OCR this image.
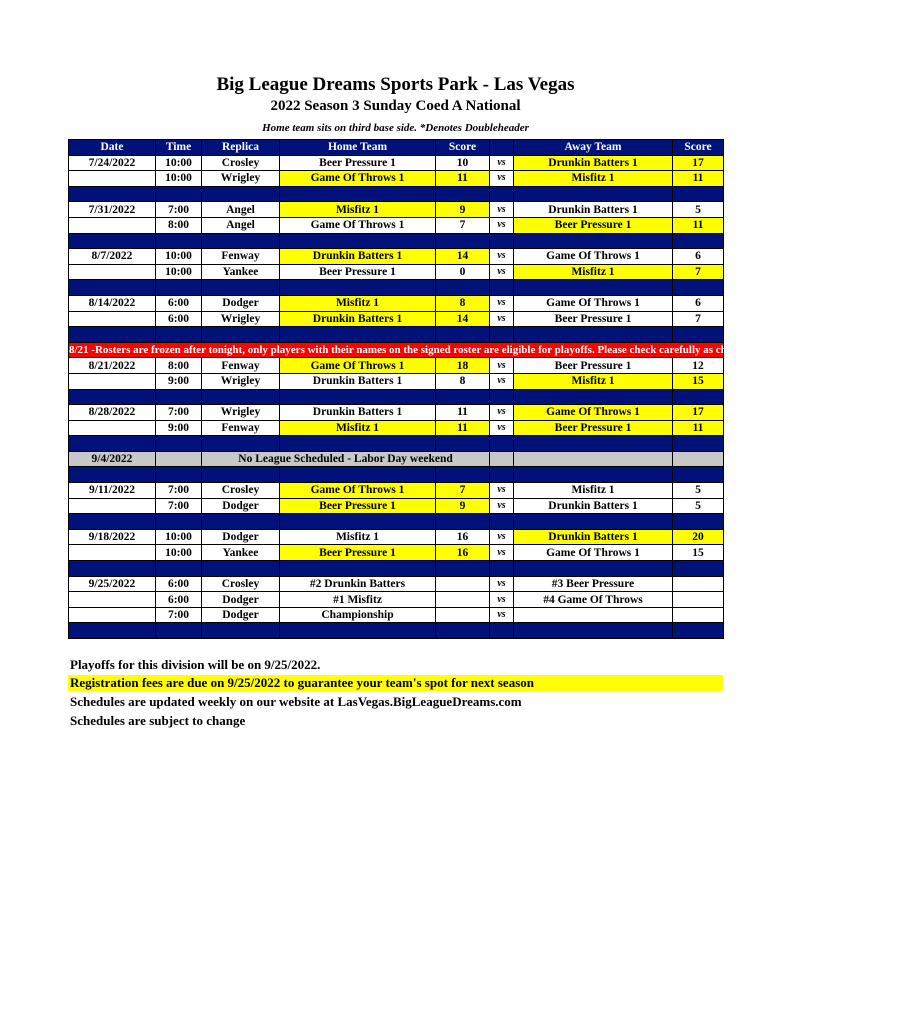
Big League Dreams Sports Park - Las Vegas
2022 Season 3 Sunday Coed A National
Home team sits on third base side. *Denotes Doubleheader
Date	Time	Replica	Home Team	Score		Away Team	Score
7/24/2022	10:00	Crosley	Beer Pressure 1	10	vs	Drunkin Batters 1	17
	10:00	Wrigley	Game Of Throws 1	11	vs	Misfitz 1	11

7/31/2022	7:00	Angel	Misfitz 1	9	vs	Drunkin Batters 1	5
	8:00	Angel	Game Of Throws 1	7	vs	Beer Pressure 1	11

8/7/2022	10:00	Fenway	Drunkin Batters 1	14	vs	Game Of Throws 1	6
	10:00	Yankee	Beer Pressure 1	0	vs	Misfitz 1	7

8/14/2022	6:00	Dodger	Misfitz 1	8	vs	Game Of Throws 1	6
	6:00	Wrigley	Drunkin Batters 1	14	vs	Beer Pressure 1	7

8/21 -Rosters are frozen after tonight, only players with their names on the signed roster are eligible for playoffs. Please check carefully as changes will not be made for omissions.							
8/21/2022	8:00	Fenway	Game Of Throws 1	18	vs	Beer Pressure 1	12
	9:00	Wrigley	Drunkin Batters 1	8	vs	Misfitz 1	15

8/28/2022	7:00	Wrigley	Drunkin Batters 1	11	vs	Game Of Throws 1	17
	9:00	Fenway	Misfitz 1	11	vs	Beer Pressure 1	11

9/4/2022		No League Scheduled - Labor Day weekend					

9/11/2022	7:00	Crosley	Game Of Throws 1	7	vs	Misfitz 1	5
	7:00	Dodger	Beer Pressure 1	9	vs	Drunkin Batters 1	5

9/18/2022	10:00	Dodger	Misfitz 1	16	vs	Drunkin Batters 1	20
	10:00	Yankee	Beer Pressure 1	16	vs	Game Of Throws 1	15

9/25/2022	6:00	Crosley	#2 Drunkin Batters		vs	#3 Beer Pressure	
	6:00	Dodger	#1 Misfitz		vs	#4 Game Of Throws	
	7:00	Dodger	Championship		vs		

Playoffs for this division will be on 9/25/2022.
Registration fees are due on 9/25/2022 to guarantee your team's spot for next season
Schedules are updated weekly on our website at LasVegas.BigLeagueDreams.com
Schedules are subject to change
